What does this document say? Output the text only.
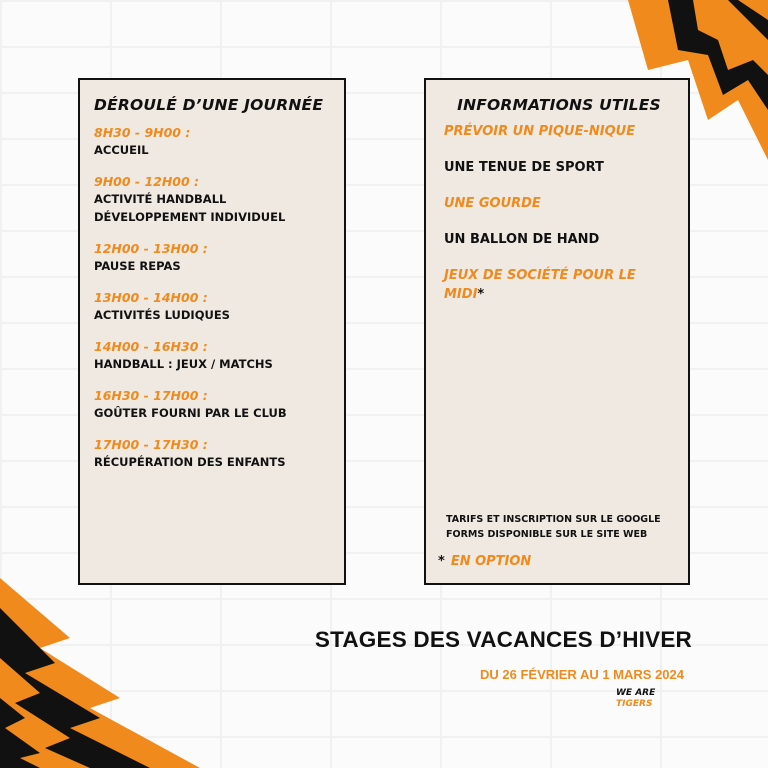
DÉROULÉ D’UNE JOURNÉE
8H30 - 9H00 :
ACCUEIL
9H00 - 12H00 :
ACTIVITÉ HANDBALL
DÉVELOPPEMENT INDIVIDUEL
12H00 - 13H00 :
PAUSE REPAS
13H00 - 14H00 :
ACTIVITÉS LUDIQUES
14H00 - 16H30 :
HANDBALL : JEUX / MATCHS
16H30 - 17H00 :
GOÛTER FOURNI PAR LE CLUB
17H00 - 17H30 :
RÉCUPÉRATION DES ENFANTS
INFORMATIONS UTILES
PRÉVOIR UN PIQUE-NIQUE
UNE TENUE DE SPORT
UNE GOURDE
UN BALLON DE HAND
JEUX DE SOCIÉTÉ POUR LE MIDI*
TARIFS ET INSCRIPTION SUR LE GOOGLE FORMS DISPONIBLE SUR LE SITE WEB
* EN OPTION
STAGES DES VACANCES D’HIVER
DU 26 FÉVRIER AU 1 MARS 2024
WE ARE
TIGERS
